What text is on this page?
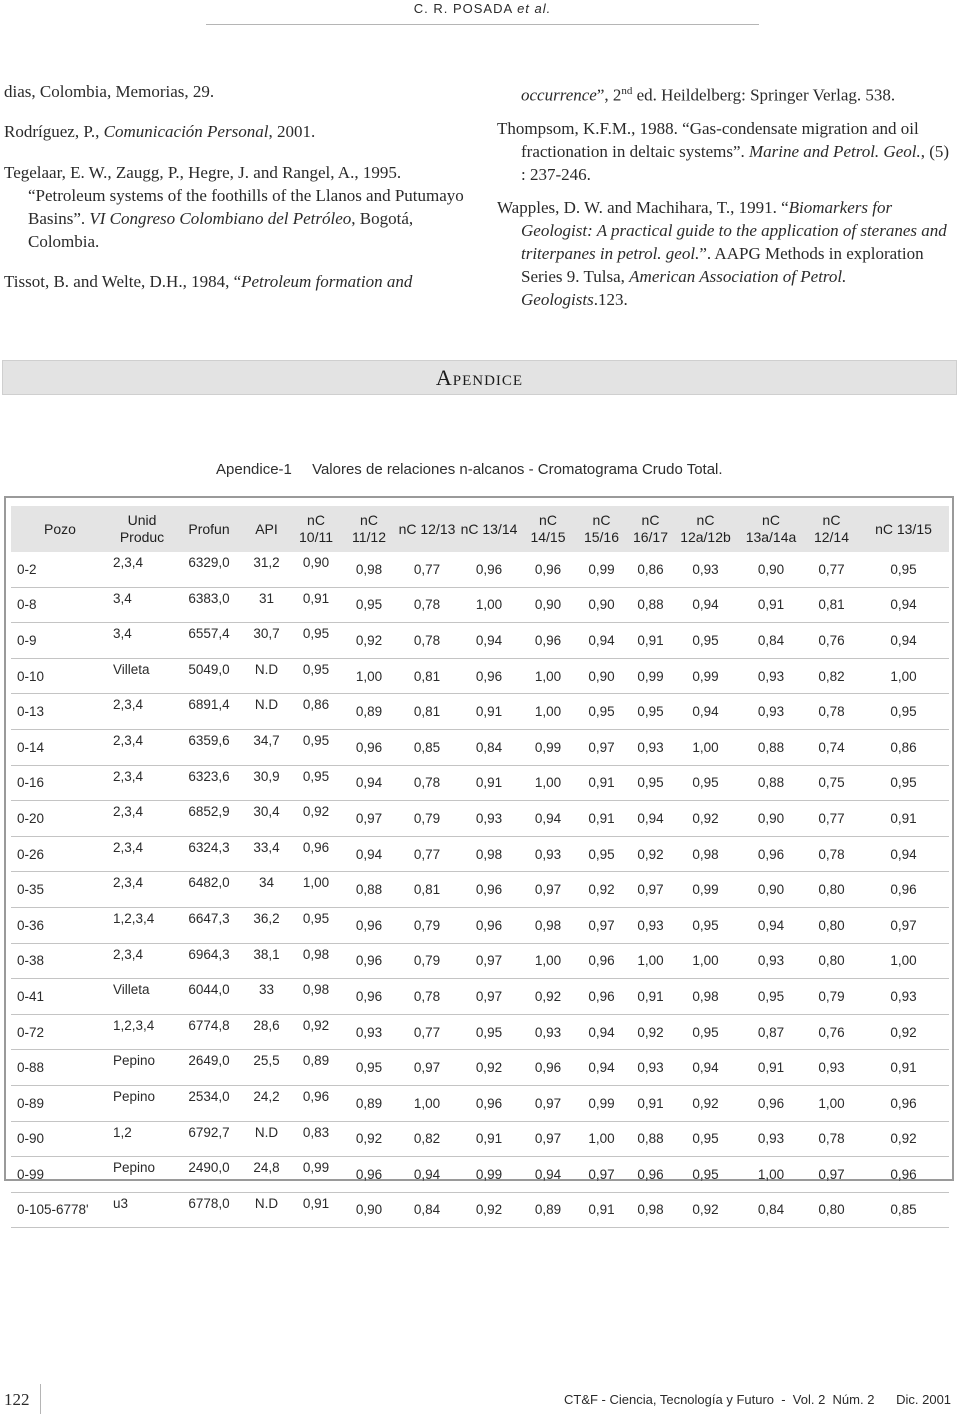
C. R. POSADA et al.

dias, Colombia, Memorias, 29.

Rodríguez, P., Comunicación Personal, 2001.

Tegelaar, E. W., Zaugg, P., Hegre, J. and Rangel, A., 1995. “Petroleum systems of the foothills of the Llanos and Putumayo Basins”. VI Congreso Colombiano del Petróleo, Bogotá, Colombia.

Tissot, B. and Welte, D.H., 1984, “Petroleum formation and

occurrence”, 2nd ed. Heildelberg: Springer Verlag. 538.

Thompsom, K.F.M., 1988. “Gas-condensate migration and oil fractionation in deltaic systems”. Marine and Petrol. Geol., (5) : 237-246.

Wapples, D. W. and Machihara, T., 1991. “Biomarkers for Geologist: A practical guide to the application of steranes and triterpanes in petrol. geol.”. AAPG Methods in exploration Series 9. Tulsa, American Association of Petrol. Geologists.123.

Apendice
Apendice-1 Valores de relaciones n-alcanos - Cromatograma Crudo Total.
Pozo	Unid Produc	Profun	API	nC 10/11	nC 11/12	nC 12/13	nC 13/14	nC 14/15	nC 15/16	nC 16/17	nC 12a/12b	nC 13a/14a	nC 12/14	nC 13/15
0-2	2,3,4	6329,0	31,2	0,90	0,98	0,77	0,96	0,96	0,99	0,86	0,93	0,90	0,77	0,95
0-8	3,4	6383,0	31	0,91	0,95	0,78	1,00	0,90	0,90	0,88	0,94	0,91	0,81	0,94
0-9	3,4	6557,4	30,7	0,95	0,92	0,78	0,94	0,96	0,94	0,91	0,95	0,84	0,76	0,94
0-10	Villeta	5049,0	N.D	0,95	1,00	0,81	0,96	1,00	0,90	0,99	0,99	0,93	0,82	1,00
0-13	2,3,4	6891,4	N.D	0,86	0,89	0,81	0,91	1,00	0,95	0,95	0,94	0,93	0,78	0,95
0-14	2,3,4	6359,6	34,7	0,95	0,96	0,85	0,84	0,99	0,97	0,93	1,00	0,88	0,74	0,86
0-16	2,3,4	6323,6	30,9	0,95	0,94	0,78	0,91	1,00	0,91	0,95	0,95	0,88	0,75	0,95
0-20	2,3,4	6852,9	30,4	0,92	0,97	0,79	0,93	0,94	0,91	0,94	0,92	0,90	0,77	0,91
0-26	2,3,4	6324,3	33,4	0,96	0,94	0,77	0,98	0,93	0,95	0,92	0,98	0,96	0,78	0,94
0-35	2,3,4	6482,0	34	1,00	0,88	0,81	0,96	0,97	0,92	0,97	0,99	0,90	0,80	0,96
0-36	1,2,3,4	6647,3	36,2	0,95	0,96	0,79	0,96	0,98	0,97	0,93	0,95	0,94	0,80	0,97
0-38	2,3,4	6964,3	38,1	0,98	0,96	0,79	0,97	1,00	0,96	1,00	1,00	0,93	0,80	1,00
0-41	Villeta	6044,0	33	0,98	0,96	0,78	0,97	0,92	0,96	0,91	0,98	0,95	0,79	0,93
0-72	1,2,3,4	6774,8	28,6	0,92	0,93	0,77	0,95	0,93	0,94	0,92	0,95	0,87	0,76	0,92
0-88	Pepino	2649,0	25,5	0,89	0,95	0,97	0,92	0,96	0,94	0,93	0,94	0,91	0,93	0,91
0-89	Pepino	2534,0	24,2	0,96	0,89	1,00	0,96	0,97	0,99	0,91	0,92	0,96	1,00	0,96
0-90	1,2	6792,7	N.D	0,83	0,92	0,82	0,91	0,97	1,00	0,88	0,95	0,93	0,78	0,92
0-99	Pepino	2490,0	24,8	0,99	0,96	0,94	0,99	0,94	0,97	0,96	0,95	1,00	0,97	0,96
0-105-6778'	u3	6778,0	N.D	0,91	0,90	0,84	0,92	0,89	0,91	0,98	0,92	0,84	0,80	0,85
122	CT&F - Ciencia, Tecnología y Futuro  -  Vol. 2  Núm. 2      Dic. 2001
